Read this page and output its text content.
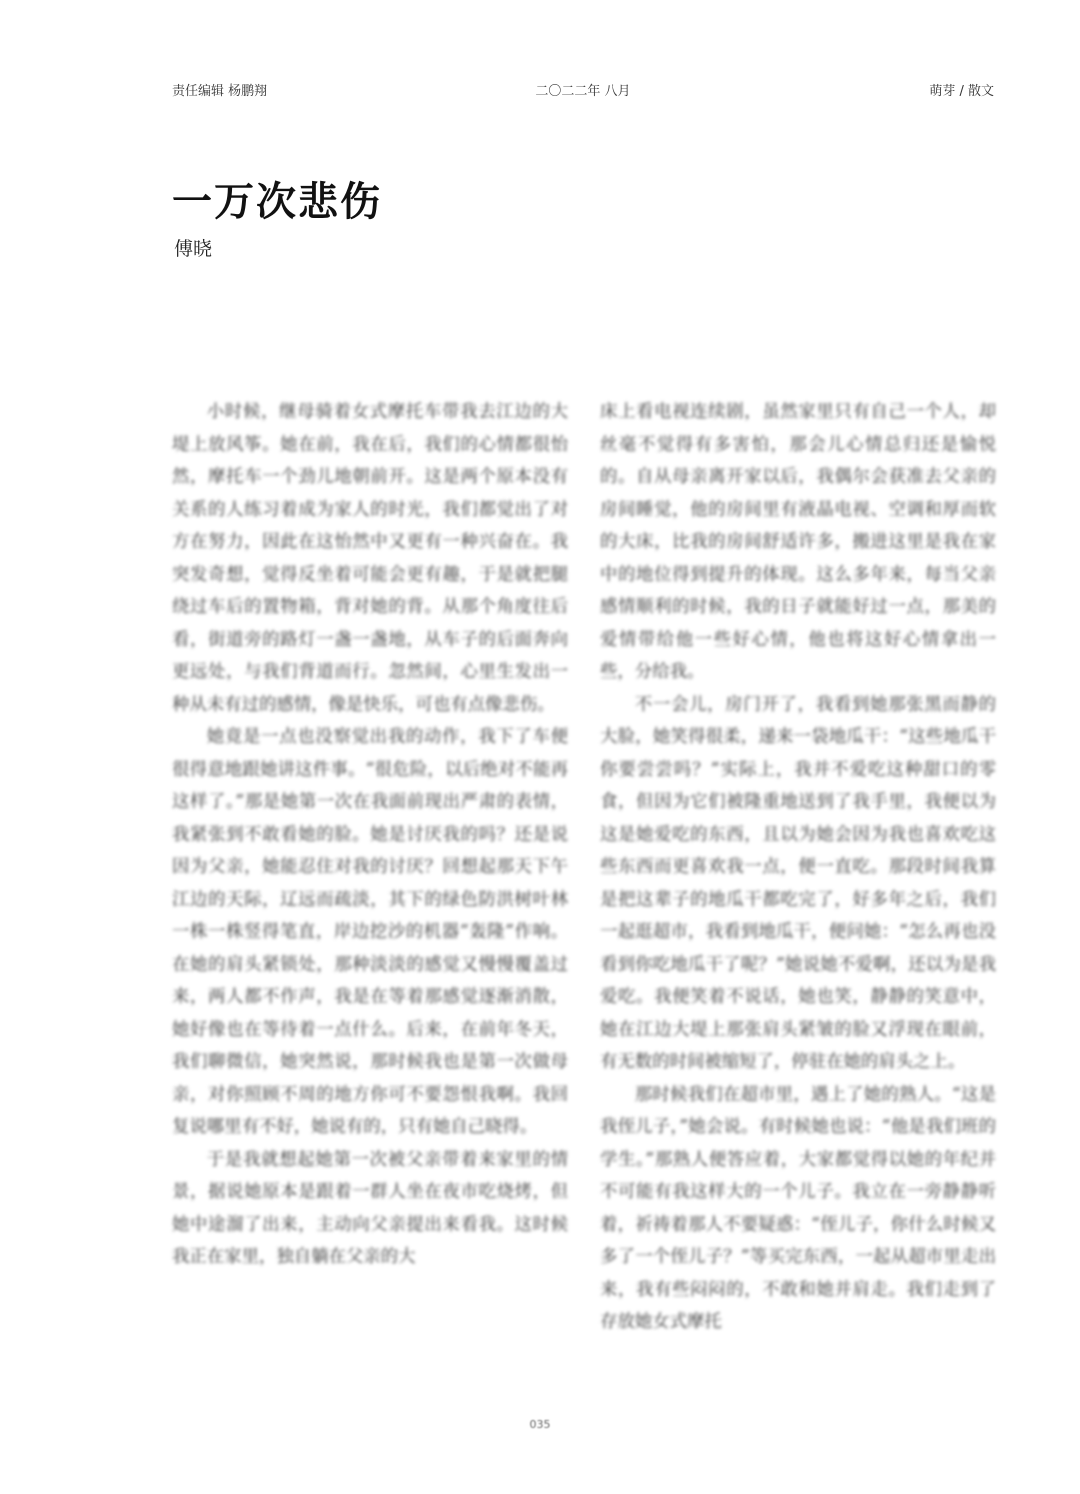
责任编辑 杨鹏翔	二〇二二年 八月	萌芽 / 散文
一万次悲伤
傅晓

小时候，继母骑着女式摩托车带我去江边的大堤上放风筝。她在前，我在后，我们的心情都很怡然，摩托车一个劲儿地朝前开。这是两个原本没有关系的人练习着成为家人的时光，我们都觉出了对方在努力，因此在这怡然中又更有一种兴奋在。我突发奇想，觉得反坐着可能会更有趣，于是就把腿绕过车后的置物箱，背对她的背。从那个角度往后看，街道旁的路灯一盏一盏地，从车子的后面奔向更远处，与我们背道而行。忽然间，心里生发出一种从未有过的感情，像是快乐，可也有点像悲伤。

她竟是一点也没察觉出我的动作，我下了车便很得意地跟她讲这件事。“很危险，以后绝对不能再这样了。”那是她第一次在我面前现出严肃的表情，我紧张到不敢看她的脸。她是讨厌我的吗？还是说因为父亲，她能忍住对我的讨厌？回想起那天下午江边的天际，辽远而疏淡，其下的绿色防洪树叶林一株一株竖得笔直，岸边挖沙的机器“轰隆”作响。在她的肩头紧锁处，那种淡淡的感觉又慢慢覆盖过来，两人都不作声，我是在等着那感觉逐渐消散，她好像也在等待着一点什么。后来，在前年冬天，我们聊微信，她突然说，那时候我也是第一次做母亲，对你照顾不周的地方你可不要怨恨我啊。我回复说哪里有不好，她说有的，只有她自己晓得。

于是我就想起她第一次被父亲带着来家里的情景，据说她原本是跟着一群人坐在夜市吃烧烤，但她中途溜了出来，主动向父亲提出来看我。这时候我正在家里，独自躺在父亲的大

床上看电视连续剧，虽然家里只有自己一个人，却丝毫不觉得有多害怕，那会儿心情总归还是愉悦的。自从母亲离开家以后，我偶尔会获准去父亲的房间睡觉，他的房间里有液晶电视、空调和厚而软的大床，比我的房间舒适许多，搬进这里是我在家中的地位得到提升的体现。这么多年来，每当父亲感情顺利的时候，我的日子就能好过一点，那美的爱情带给他一些好心情，他也将这好心情拿出一些，分给我。

不一会儿，房门开了，我看到她那张黑而静的大脸，她笑得很柔，递来一袋地瓜干：“这些地瓜干你要尝尝吗？”实际上，我并不爱吃这种甜口的零食，但因为它们被隆重地送到了我手里，我便以为这是她爱吃的东西，且以为她会因为我也喜欢吃这些东西而更喜欢我一点，便一直吃。那段时间我算是把这辈子的地瓜干都吃完了，好多年之后，我们一起逛超市，我看到地瓜干，便问她：“怎么再也没看到你吃地瓜干了呢？”她说她不爱啊，还以为是我爱吃。我便笑着不说话，她也笑，静静的笑意中，她在江边大堤上那张肩头紧皱的脸又浮现在眼前，有无数的时间被缩短了，停驻在她的肩头之上。

那时候我们在超市里，遇上了她的熟人。“这是我侄儿子，”她会说。有时候她也说：“他是我们班的学生。”那熟人便答应着，大家都觉得以她的年纪并不可能有我这样大的一个儿子。我立在一旁静静听着，祈祷着那人不要疑惑：“侄儿子，你什么时候又多了一个侄儿子？”等买完东西，一起从超市里走出来，我有些闷闷的，不敢和她并肩走。我们走到了存放她女式摩托

035
